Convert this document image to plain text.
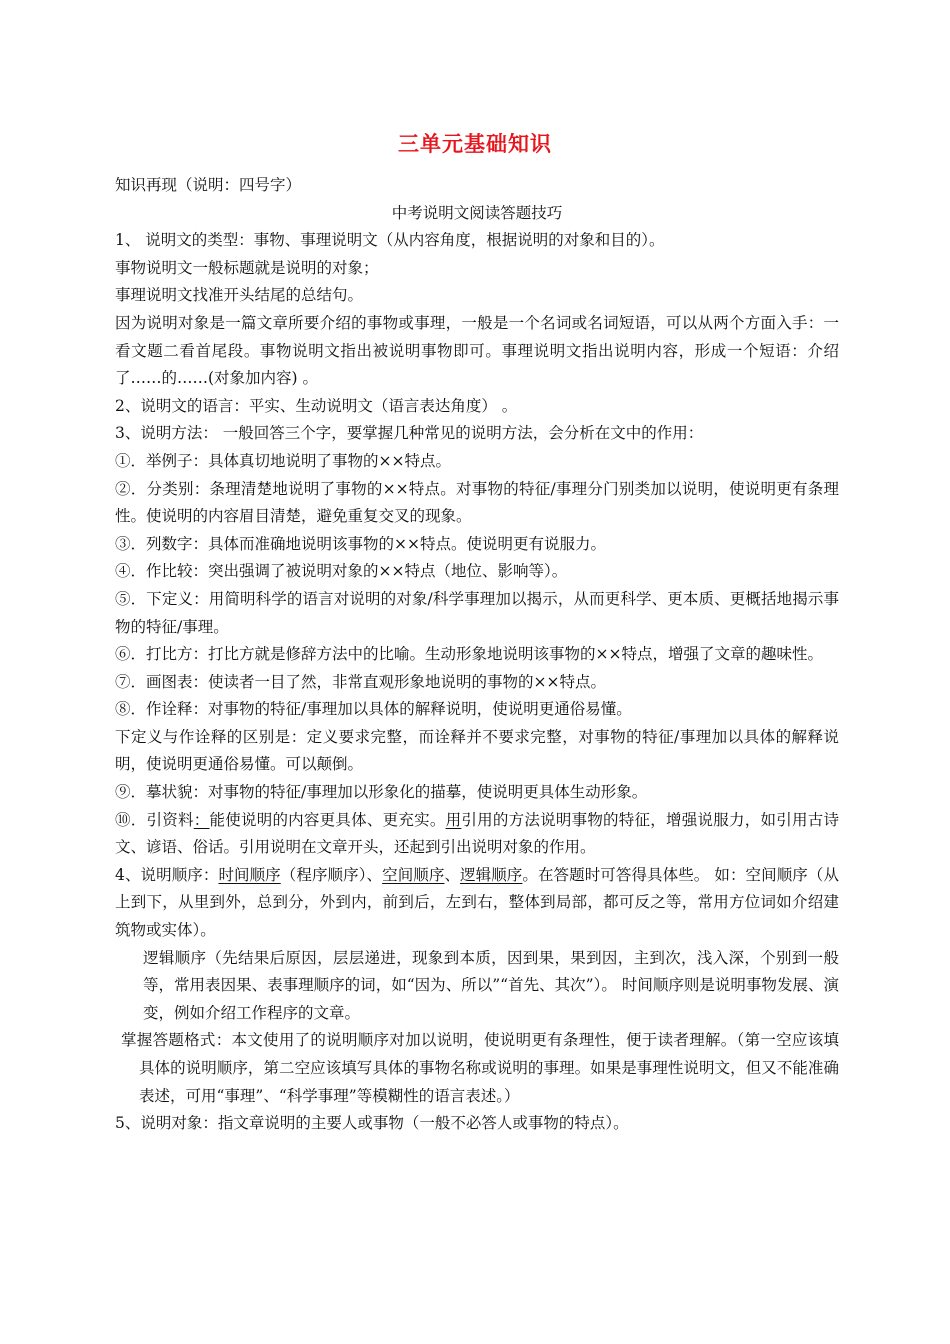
三单元基础知识

知识再现（说明：四号字）

中考说明文阅读答题技巧

1、 说明文的类型：事物、事理说明文（从内容角度，根据说明的对象和目的）。

事物说明文一般标题就是说明的对象；

事理说明文找准开头结尾的总结句。

因为说明对象是一篇文章所要介绍的事物或事理，一般是一个名词或名词短语，可以从两个方面入手：一看文题二看首尾段。事物说明文指出被说明事物即可。事理说明文指出说明内容，形成一个短语：介绍了……的……(对象加内容) 。

2、说明文的语言：平实、生动说明文（语言表达角度） 。

3、说明方法： 一般回答三个字，要掌握几种常见的说明方法，会分析在文中的作用：

①．举例子：具体真切地说明了事物的××特点。

②．分类别：条理清楚地说明了事物的××特点。对事物的特征/事理分门别类加以说明，使说明更有条理性。使说明的内容眉目清楚，避免重复交叉的现象。

③．列数字：具体而准确地说明该事物的××特点。使说明更有说服力。

④．作比较：突出强调了被说明对象的××特点（地位、影响等）。

⑤．下定义：用简明科学的语言对说明的对象/科学事理加以揭示，从而更科学、更本质、更概括地揭示事物的特征/事理。

⑥．打比方：打比方就是修辞方法中的比喻。生动形象地说明该事物的××特点，增强了文章的趣味性。

⑦．画图表：使读者一目了然，非常直观形象地说明的事物的××特点。

⑧．作诠释：对事物的特征/事理加以具体的解释说明，使说明更通俗易懂。

下定义与作诠释的区别是：定义要求完整，而诠释并不要求完整，对事物的特征/事理加以具体的解释说明，使说明更通俗易懂。可以颠倒。

⑨．摹状貌：对事物的特征/事理加以形象化的描摹，使说明更具体生动形象。

⑩．引资料：能使说明的内容更具体、更充实。用引用的方法说明事物的特征，增强说服力，如引用古诗文、谚语、俗话。引用说明在文章开头，还起到引出说明对象的作用。

4、说明顺序：时间顺序（程序顺序）、空间顺序、逻辑顺序。在答题时可答得具体些。 如：空间顺序（从上到下，从里到外，总到分，外到内，前到后，左到右，整体到局部，都可反之等，常用方位词如介绍建筑物或实体）。

逻辑顺序（先结果后原因，层层递进，现象到本质，因到果，果到因，主到次，浅入深，个别到一般等，常用表因果、表事理顺序的词，如“因为、所以”“首先、其次”）。 时间顺序则是说明事物发展、演变，例如介绍工作程序的文章。

掌握答题格式：本文使用了的说明顺序对加以说明，使说明更有条理性，便于读者理解。（第一空应该填具体的说明顺序，第二空应该填写具体的事物名称或说明的事理。如果是事理性说明文，但又不能准确表述，可用“事理”、“科学事理”等模糊性的语言表述。）

5、说明对象：指文章说明的主要人或事物（一般不必答人或事物的特点）。
